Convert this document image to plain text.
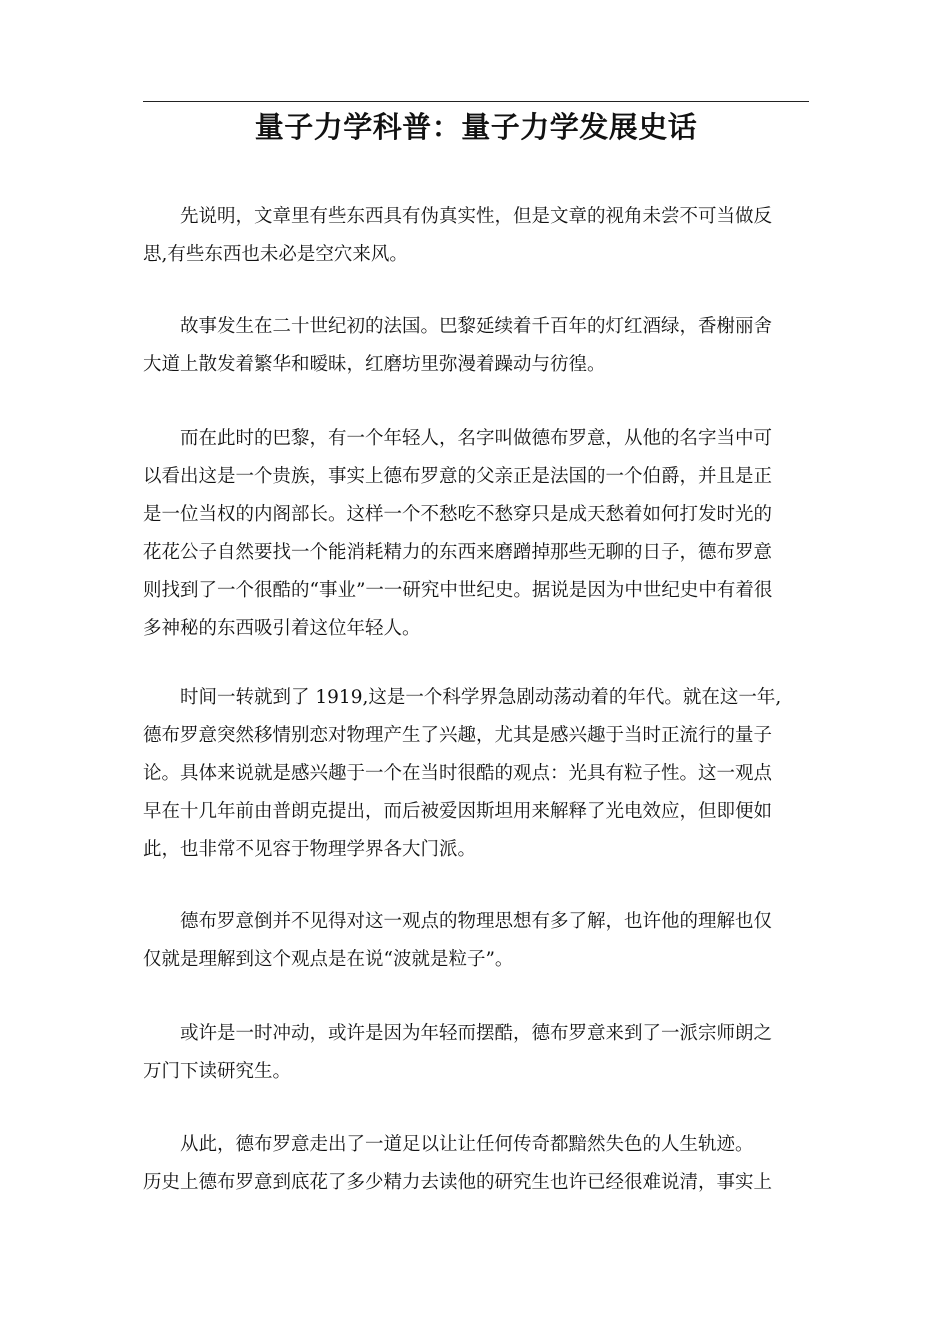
量子力学科普：量子力学发展史话

先说明，文章里有些东西具有伪真实性，但是文章的视角未尝不可当做反
思,有些东西也未必是空穴来风。

故事发生在二十世纪初的法国。巴黎延续着千百年的灯红酒绿，香榭丽舍
大道上散发着繁华和暧昧，红磨坊里弥漫着躁动与彷徨。

而在此时的巴黎，有一个年轻人，名字叫做德布罗意，从他的名字当中可
以看出这是一个贵族，事实上德布罗意的父亲正是法国的一个伯爵，并且是正
是一位当权的内阁部长。这样一个不愁吃不愁穿只是成天愁着如何打发时光的
花花公子自然要找一个能消耗精力的东西来磨蹭掉那些无聊的日子，德布罗意
则找到了一个很酷的“事业”一一研究中世纪史。据说是因为中世纪史中有着很
多神秘的东西吸引着这位年轻人。

时间一转就到了 1919,这是一个科学界急剧动荡动着的年代。就在这一年,
德布罗意突然移情别恋对物理产生了兴趣，尤其是感兴趣于当时正流行的量子
论。具体来说就是感兴趣于一个在当时很酷的观点：光具有粒子性。这一观点
早在十几年前由普朗克提出，而后被爱因斯坦用来解释了光电效应，但即便如
此，也非常不见容于物理学界各大门派。

德布罗意倒并不见得对这一观点的物理思想有多了解，也许他的理解也仅
仅就是理解到这个观点是在说“波就是粒子”。

或许是一时冲动，或许是因为年轻而摆酷，德布罗意来到了一派宗师朗之
万门下读研究生。

从此，德布罗意走出了一道足以让让任何传奇都黯然失色的人生轨迹。
历史上德布罗意到底花了多少精力去读他的研究生也许已经很难说清，事实上
